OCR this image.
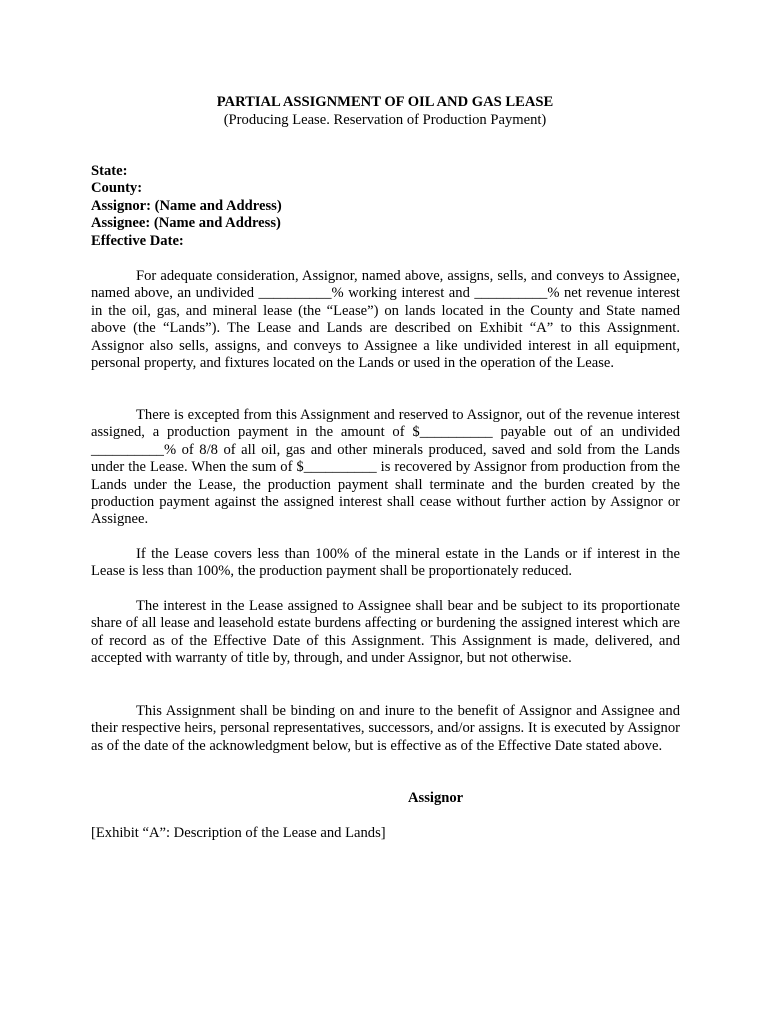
PARTIAL ASSIGNMENT OF OIL AND GAS LEASE
(Producing Lease. Reservation of Production Payment)
State:
County:
Assignor: (Name and Address)
Assignee: (Name and Address)
Effective Date:

For adequate consideration, Assignor, named above, assigns, sells, and conveys to Assignee, named above, an undivided __________% working interest and __________% net revenue interest in the oil, gas, and mineral lease (the “Lease”) on lands located in the County and State named above (the “Lands”). The Lease and Lands are described on Exhibit “A” to this Assignment. Assignor also sells, assigns, and conveys to Assignee a like undivided interest in all equipment, personal property, and fixtures located on the Lands or used in the operation of the Lease.

There is excepted from this Assignment and reserved to Assignor, out of the revenue interest assigned, a production payment in the amount of $__________ payable out of an undivided __________% of 8/8 of all oil, gas and other minerals produced, saved and sold from the Lands under the Lease. When the sum of $__________ is recovered by Assignor from production from the Lands under the Lease, the production payment shall terminate and the burden created by the production payment against the assigned interest shall cease without further action by Assignor or Assignee.

If the Lease covers less than 100% of the mineral estate in the Lands or if interest in the Lease is less than 100%, the production payment shall be proportionately reduced.

The interest in the Lease assigned to Assignee shall bear and be subject to its proportionate share of all lease and leasehold estate burdens affecting or burdening the assigned interest which are of record as of the Effective Date of this Assignment. This Assignment is made, delivered, and accepted with warranty of title by, through, and under Assignor, but not otherwise.

This Assignment shall be binding on and inure to the benefit of Assignor and Assignee and their respective heirs, personal representatives, successors, and/or assigns. It is executed by Assignor as of the date of the acknowledgment below, but is effective as of the Effective Date stated above.

Assignor
[Exhibit “A”: Description of the Lease and Lands]
